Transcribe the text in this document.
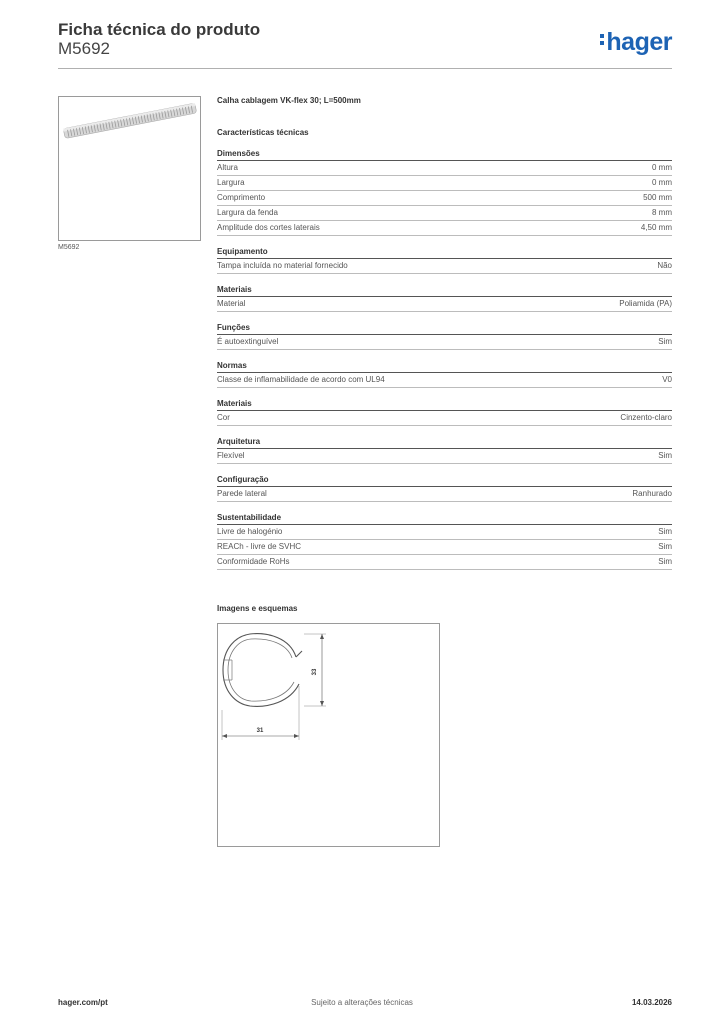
Ficha técnica do produto
M5692	hager
M5692
Calha cablagem VK-flex 30; L=500mm
Características técnicas
Dimensões
Altura	0 mm
Largura	0 mm
Comprimento	500 mm
Largura da fenda	8 mm
Amplitude dos cortes laterais	4,50 mm
Equipamento
Tampa incluída no material fornecido	Não
Materiais
Material	Poliamida (PA)
Funções
É autoextinguível	Sim
Normas
Classe de inflamabilidade de acordo com UL94	V0
Materiais
Cor	Cinzento-claro
Arquitetura
Flexível	Sim
Configuração
Parede lateral	Ranhurado
Sustentabilidade
Livre de halogénio	Sim
REACh - livre de SVHC	Sim
Conformidade RoHs	Sim
Imagens e esquemas
33
31
hager.com/pt	Sujeito a alterações técnicas	14.03.2026
